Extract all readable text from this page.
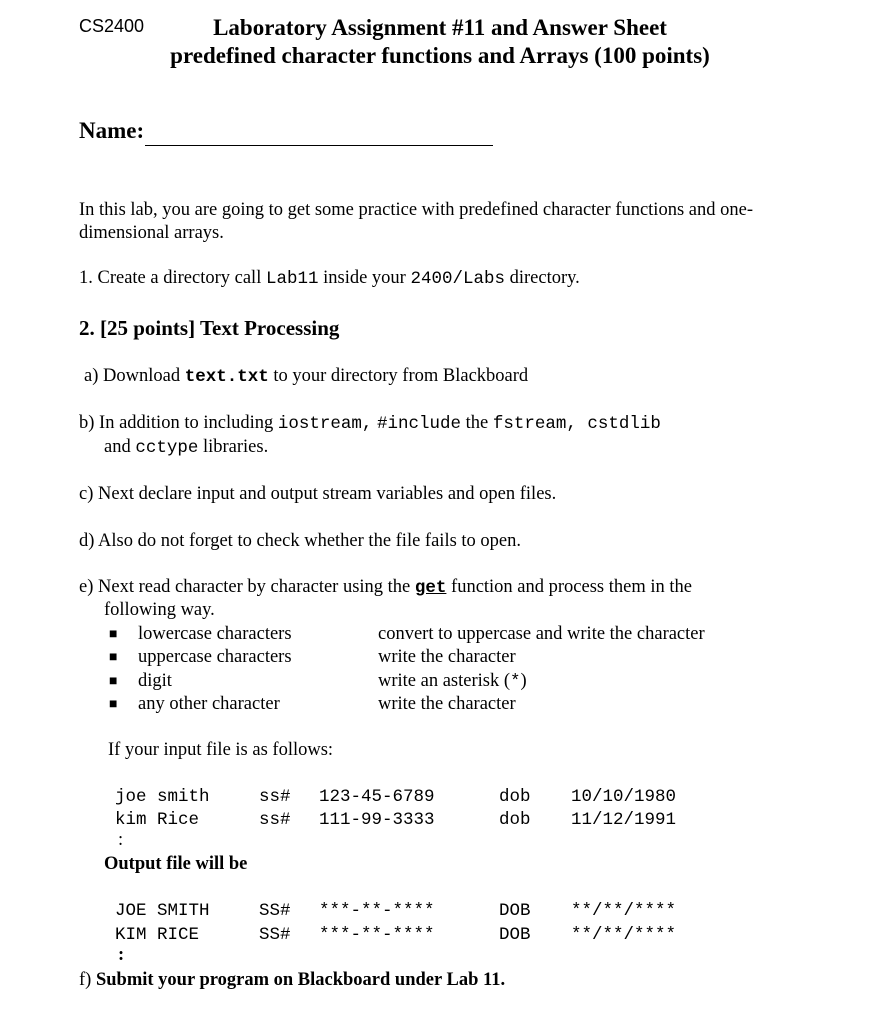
CS2400	Laboratory Assignment #11 and Answer Sheet
predefined character functions and Arrays (100 points)
Name:
In this lab, you are going to get some practice with predefined character functions and one-dimensional arrays.
1. Create a directory call Lab11 inside your 2400/Labs directory.
2. [25 points] Text Processing
a) Download text.txt to your directory from Blackboard
b) In addition to including iostream, #include the fstream, cstdlib
and cctype libraries.
c) Next declare input and output stream variables and open files.
d) Also do not forget to check whether the file fails to open.
e) Next read character by character using the get function and process them in the
following way.
■ lowercase characters	convert to uppercase and write the character
■ uppercase characters	write the character
■ digit	write an asterisk (*)
■ any other character	write the character
If your input file is as follows:
joe smith	ss# 123-45-6789	dob 10/10/1980
kim Rice	ss# 111-99-3333	dob 11/12/1991
:
Output file will be
JOE SMITH	SS# ***-**-****	DOB **/**/****
KIM RICE	SS# ***-**-****	DOB **/**/****
:
f) Submit your program on Blackboard under Lab 11.
